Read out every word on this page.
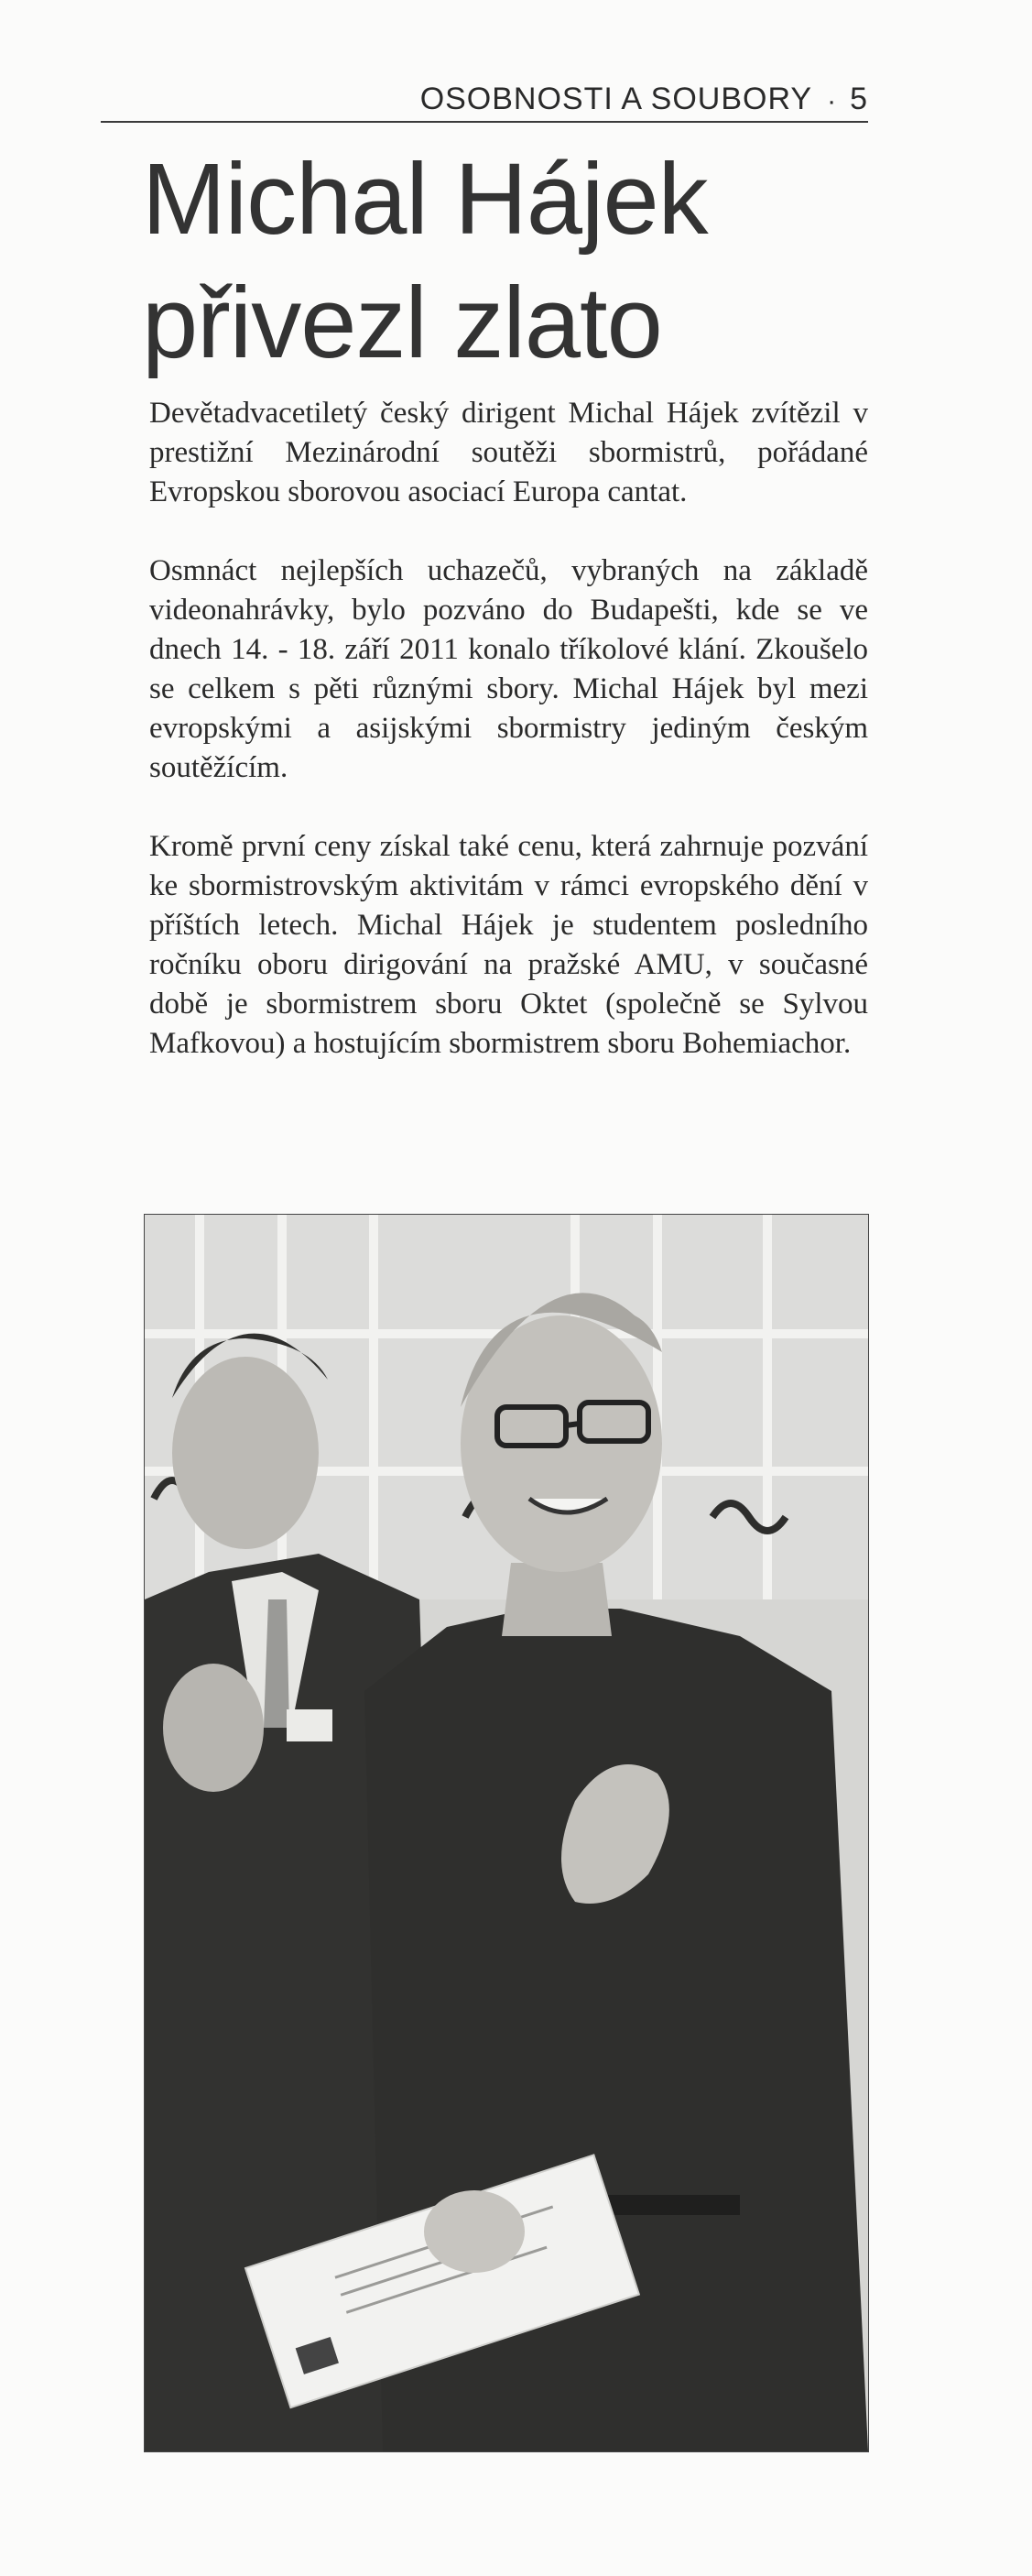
OSOBNOSTI A SOUBORY · 5
Michal Hájek
přivezl zlato

Devětadvacetiletý český dirigent Michal Hájek zvítězil v prestižní Mezinárodní soutěži sbormistrů, pořádané Evropskou sborovou asociací Europa cantat.

Osmnáct nejlepších uchazečů, vybraných na základě videonahrávky, bylo pozváno do Budapešti, kde se ve dnech 14. - 18. září 2011 konalo tříkolové klání. Zkoušelo se celkem s pěti různými sbory. Michal Hájek byl mezi evropskými a asijskými sbormistry jediným českým soutěžícím.

Kromě první ceny získal také cenu, která zahrnuje pozvání ke sbormistrovským aktivitám v rámci evropského dění v příštích letech. Michal Hájek je studentem posledního ročníku oboru dirigování na pražské AMU, v současné době je sbormistrem sboru Oktet (společně se Sylvou Mafkovou) a hostujícím sbormistrem sboru Bohemiachor.
